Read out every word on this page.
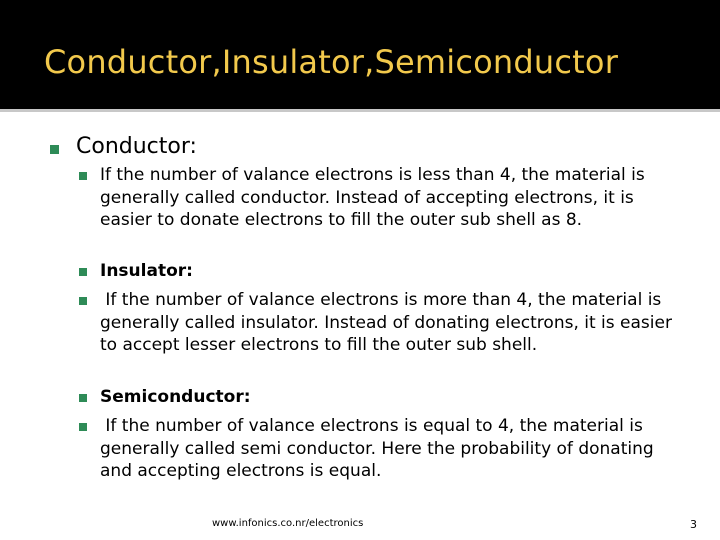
Conductor,Insulator,Semiconductor
Conductor:
If the number of valance electrons is less than 4, the material is generally called conductor. Instead of accepting electrons, it is easier to donate electrons to fill the outer sub shell as 8.
Insulator:
If the number of valance electrons is more than 4, the material is generally called insulator. Instead of donating electrons, it is easier to accept lesser electrons to fill the outer sub shell.
Semiconductor:
If the number of valance electrons is equal to 4, the material is generally called semi conductor. Here the probability of donating and accepting electrons is equal.
www.infonics.co.nr/electronics	3
